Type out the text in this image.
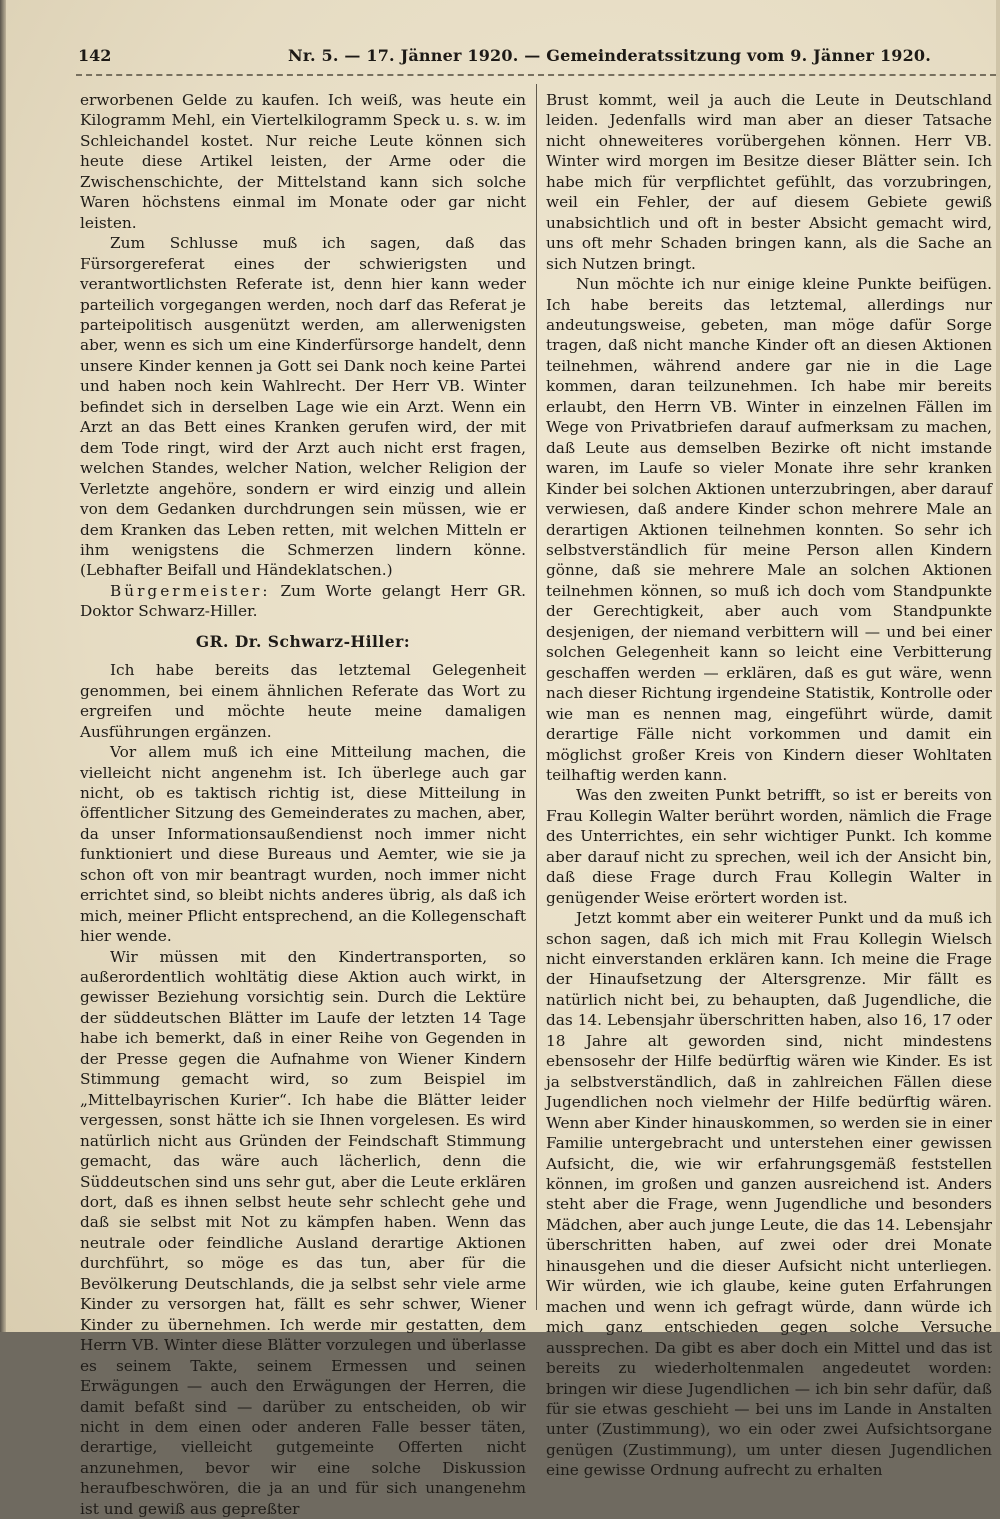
142	Nr. 5. — 17. Jänner 1920. — Gemeinderatssitzung vom 9. Jänner 1920.

erworbenen Gelde zu kaufen. Ich weiß, was heute ein Kilogramm Mehl, ein Viertelkilogramm Speck u. s. w. im Schleichandel kostet. Nur reiche Leute können sich heute diese Artikel leisten, der Arme oder die Zwischenschichte, der Mittelstand kann sich solche Waren höchstens einmal im Monate oder gar nicht leisten.

Zum Schlusse muß ich sagen, daß das Fürsorgereferat eines der schwierigsten und verantwortlichsten Referate ist, denn hier kann weder parteilich vorgegangen werden, noch darf das Referat je parteipolitisch ausgenützt werden, am allerwenigsten aber, wenn es sich um eine Kinderfürsorge handelt, denn unsere Kinder kennen ja Gott sei Dank noch keine Partei und haben noch kein Wahlrecht. Der Herr VB. Winter befindet sich in derselben Lage wie ein Arzt. Wenn ein Arzt an das Bett eines Kranken gerufen wird, der mit dem Tode ringt, wird der Arzt auch nicht erst fragen, welchen Standes, welcher Nation, welcher Religion der Verletzte angehöre, sondern er wird einzig und allein von dem Gedanken durchdrungen sein müssen, wie er dem Kranken das Leben retten, mit welchen Mitteln er ihm wenigstens die Schmerzen lindern könne. (Lebhafter Beifall und Händeklatschen.)

Bürgermeister: Zum Worte gelangt Herr GR. Doktor Schwarz-Hiller.

GR. Dr. Schwarz-Hiller:

Ich habe bereits das letztemal Gelegenheit genommen, bei einem ähnlichen Referate das Wort zu ergreifen und möchte heute meine damaligen Ausführungen ergänzen.

Vor allem muß ich eine Mitteilung machen, die vielleicht nicht angenehm ist. Ich überlege auch gar nicht, ob es taktisch richtig ist, diese Mitteilung in öffentlicher Sitzung des Gemeinderates zu machen, aber, da unser Informationsaußendienst noch immer nicht funktioniert und diese Bureaus und Aemter, wie sie ja schon oft von mir beantragt wurden, noch immer nicht errichtet sind, so bleibt nichts anderes übrig, als daß ich mich, meiner Pflicht entsprechend, an die Kollegenschaft hier wende.

Wir müssen mit den Kindertransporten, so außerordentlich wohltätig diese Aktion auch wirkt, in gewisser Beziehung vorsichtig sein. Durch die Lektüre der süddeutschen Blätter im Laufe der letzten 14 Tage habe ich bemerkt, daß in einer Reihe von Gegenden in der Presse gegen die Aufnahme von Wiener Kindern Stimmung gemacht wird, so zum Beispiel im „Mittelbayrischen Kurier“. Ich habe die Blätter leider vergessen, sonst hätte ich sie Ihnen vorgelesen. Es wird natürlich nicht aus Gründen der Feindschaft Stimmung gemacht, das wäre auch lächerlich, denn die Süddeutschen sind uns sehr gut, aber die Leute erklären dort, daß es ihnen selbst heute sehr schlecht gehe und daß sie selbst mit Not zu kämpfen haben. Wenn das neutrale oder feindliche Ausland derartige Aktionen durchführt, so möge es das tun, aber für die Bevölkerung Deutschlands, die ja selbst sehr viele arme Kinder zu versorgen hat, fällt es sehr schwer, Wiener Kinder zu übernehmen. Ich werde mir gestatten, dem Herrn VB. Winter diese Blätter vorzulegen und überlasse es seinem Takte, seinem Ermessen und seinen Erwägungen — auch den Erwägungen der Herren, die damit befaßt sind — darüber zu entscheiden, ob wir nicht in dem einen oder anderen Falle besser täten, derartige, vielleicht gutgemeinte Offerten nicht anzunehmen, bevor wir eine solche Diskussion heraufbeschwören, die ja an und für sich unangenehm ist und gewiß aus gepreßter

Brust kommt, weil ja auch die Leute in Deutschland leiden. Jedenfalls wird man aber an dieser Tatsache nicht ohneweiteres vorübergehen können. Herr VB. Winter wird morgen im Besitze dieser Blätter sein. Ich habe mich für verpflichtet gefühlt, das vorzubringen, weil ein Fehler, der auf diesem Gebiete gewiß unabsichtlich und oft in bester Absicht gemacht wird, uns oft mehr Schaden bringen kann, als die Sache an sich Nutzen bringt.

Nun möchte ich nur einige kleine Punkte beifügen. Ich habe bereits das letztemal, allerdings nur andeutungsweise, gebeten, man möge dafür Sorge tragen, daß nicht manche Kinder oft an diesen Aktionen teilnehmen, während andere gar nie in die Lage kommen, daran teilzunehmen. Ich habe mir bereits erlaubt, den Herrn VB. Winter in einzelnen Fällen im Wege von Privatbriefen darauf aufmerksam zu machen, daß Leute aus demselben Bezirke oft nicht imstande waren, im Laufe so vieler Monate ihre sehr kranken Kinder bei solchen Aktionen unterzubringen, aber darauf verwiesen, daß andere Kinder schon mehrere Male an derartigen Aktionen teilnehmen konnten. So sehr ich selbstverständlich für meine Person allen Kindern gönne, daß sie mehrere Male an solchen Aktionen teilnehmen können, so muß ich doch vom Standpunkte der Gerechtigkeit, aber auch vom Standpunkte desjenigen, der niemand verbittern will — und bei einer solchen Gelegenheit kann so leicht eine Verbitterung geschaffen werden — erklären, daß es gut wäre, wenn nach dieser Richtung irgendeine Statistik, Kontrolle oder wie man es nennen mag, eingeführt würde, damit derartige Fälle nicht vorkommen und damit ein möglichst großer Kreis von Kindern dieser Wohltaten teilhaftig werden kann.

Was den zweiten Punkt betrifft, so ist er bereits von Frau Kollegin Walter berührt worden, nämlich die Frage des Unterrichtes, ein sehr wichtiger Punkt. Ich komme aber darauf nicht zu sprechen, weil ich der Ansicht bin, daß diese Frage durch Frau Kollegin Walter in genügender Weise erörtert worden ist.

Jetzt kommt aber ein weiterer Punkt und da muß ich schon sagen, daß ich mich mit Frau Kollegin Wielsch nicht einverstanden erklären kann. Ich meine die Frage der Hinaufsetzung der Altersgrenze. Mir fällt es natürlich nicht bei, zu behaupten, daß Jugendliche, die das 14. Lebensjahr überschritten haben, also 16, 17 oder 18 Jahre alt geworden sind, nicht mindestens ebensosehr der Hilfe bedürftig wären wie Kinder. Es ist ja selbstverständlich, daß in zahlreichen Fällen diese Jugendlichen noch vielmehr der Hilfe bedürftig wären. Wenn aber Kinder hinauskommen, so werden sie in einer Familie untergebracht und unterstehen einer gewissen Aufsicht, die, wie wir erfahrungsgemäß feststellen können, im großen und ganzen ausreichend ist. Anders steht aber die Frage, wenn Jugendliche und besonders Mädchen, aber auch junge Leute, die das 14. Lebensjahr überschritten haben, auf zwei oder drei Monate hinausgehen und die dieser Aufsicht nicht unterliegen. Wir würden, wie ich glaube, keine guten Erfahrungen machen und wenn ich gefragt würde, dann würde ich mich ganz entschieden gegen solche Versuche aussprechen. Da gibt es aber doch ein Mittel und das ist bereits zu wiederholtenmalen angedeutet worden: bringen wir diese Jugendlichen — ich bin sehr dafür, daß für sie etwas geschieht — bei uns im Lande in Anstalten unter (Zustimmung), wo ein oder zwei Aufsichtsorgane genügen (Zustimmung), um unter diesen Jugendlichen eine gewisse Ordnung aufrecht zu erhalten
